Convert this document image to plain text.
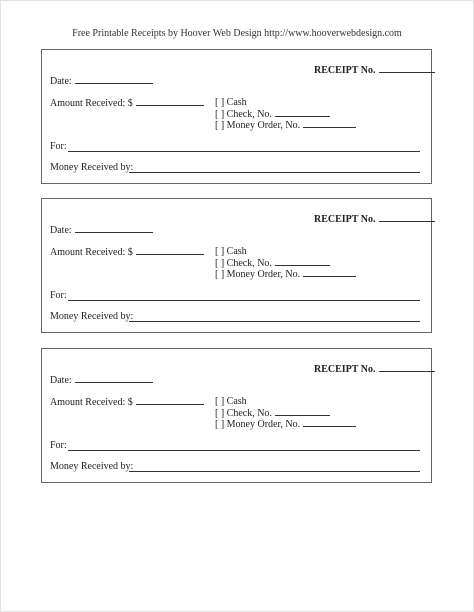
Free Printable Receipts by Hoover Web Design http://www.hooverwebdesign.com
RECEIPT No.
Date:
Amount Received: $	[ ] Cash
[ ] Check, No.
[ ] Money Order, No.
For:
Money Received by:
RECEIPT No.
Date:
Amount Received: $	[ ] Cash
[ ] Check, No.
[ ] Money Order, No.
For:
Money Received by:
RECEIPT No.
Date:
Amount Received: $	[ ] Cash
[ ] Check, No.
[ ] Money Order, No.
For:
Money Received by:
